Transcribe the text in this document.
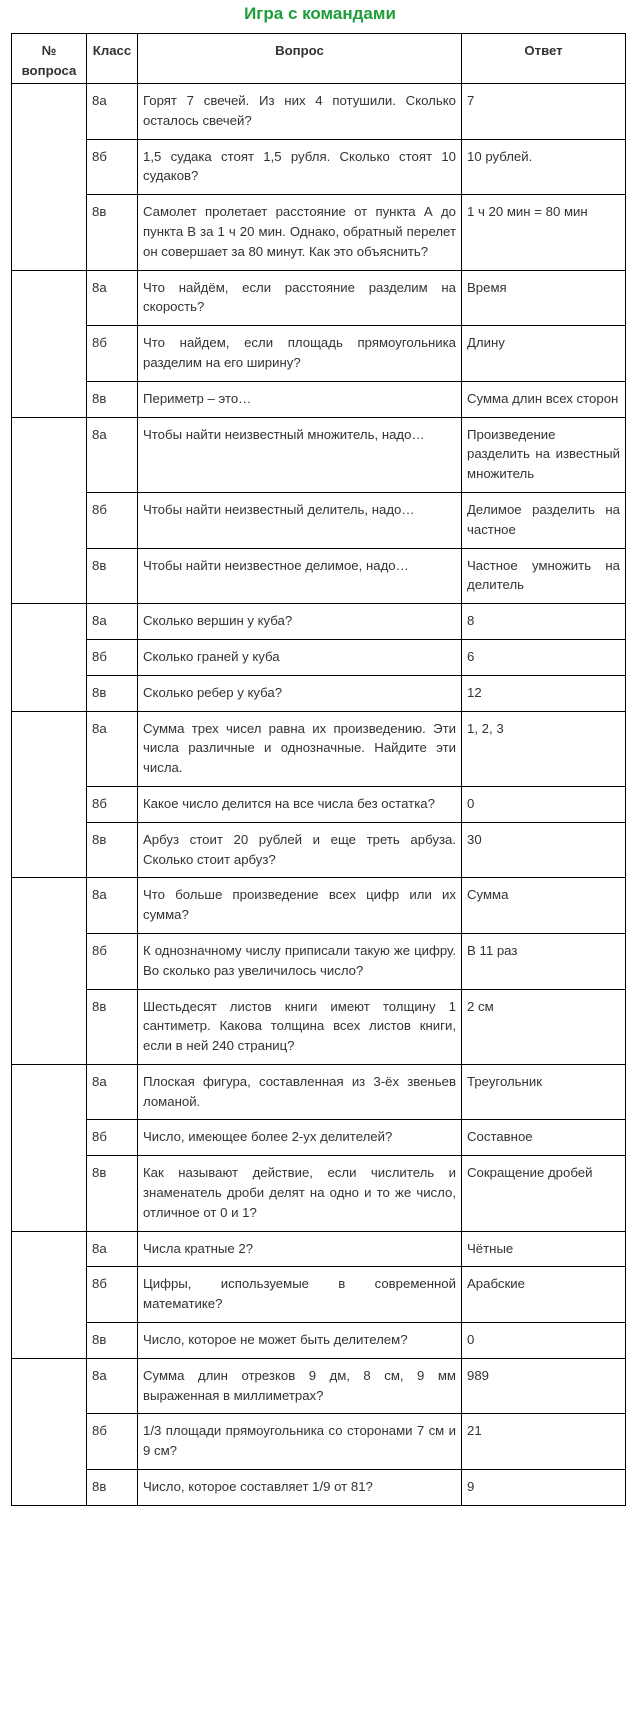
Игра с командами
№ вопроса	Класс	Вопрос	Ответ
	8а	Горят 7 свечей. Из них 4 потушили. Сколько осталось свечей?	7
	8б	1,5 судака стоят 1,5 рубля. Сколько стоят 10 судаков?	10 рублей.
	8в	Самолет пролетает расстояние от пункта А до пункта В за 1 ч 20 мин. Однако, обратный перелет он совершает за 80 минут. Как это объяснить?	1 ч 20 мин = 80 мин
	8а	Что найдём, если расстояние разделим на скорость?	Время
	8б	Что найдем, если площадь прямоугольника разделим на его ширину?	Длину
	8в	Периметр – это…	Сумма длин всех сторон
	8а	Чтобы найти неизвестный множитель, надо…	Произведение разделить на известный множитель
	8б	Чтобы найти неизвестный делитель, надо…	Делимое разделить на частное
	8в	Чтобы найти неизвестное делимое, надо…	Частное умножить на делитель
	8а	Сколько вершин у куба?	8
	8б	Сколько граней у куба	6
	8в	Сколько ребер у куба?	12
	8а	Сумма трех чисел равна их произведению. Эти числа различные и однозначные. Найдите эти числа.	1, 2, 3
	8б	Какое число делится на все числа без остатка?	0
	8в	Арбуз стоит 20 рублей и еще треть арбуза. Сколько стоит арбуз?	30
	8а	Что больше произведение всех цифр или их сумма?	Сумма
	8б	К однозначному числу приписали такую же цифру. Во сколько раз увеличилось число?	В 11 раз
	8в	Шестьдесят листов книги имеют толщину 1 сантиметр. Какова толщина всех листов книги, если в ней 240 страниц?	2 см
	8а	Плоская фигура, составленная из 3-ёх звеньев ломаной.	Треугольник
	8б	Число, имеющее более 2-ух делителей?	Составное
	8в	Как называют действие, если числитель и знаменатель дроби делят на одно и то же число, отличное от 0 и 1?	Сокращение дробей
	8а	Числа кратные 2?	Чётные
	8б	Цифры, используемые в современной математике?	Арабские
	8в	Число, которое не может быть делителем?	0
	8а	Сумма длин отрезков 9 дм, 8 см, 9 мм выраженная в миллиметрах?	989
	8б	1/3 площади прямоугольника со сторонами 7 см и 9 см?	21
	8в	Число, которое составляет 1/9 от 81?	9
